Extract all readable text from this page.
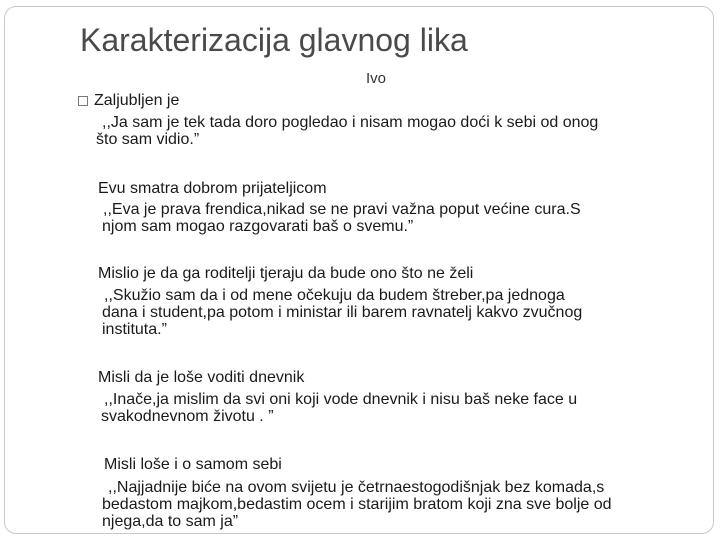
Karakterizacija glavnog lika
Ivo
Zaljubljen je
,,Ja sam je tek tada doro pogledao i nisam mogao doći k sebi od onog
što sam vidio.”
Evu smatra dobrom prijateljicom
,,Eva je prava frendica,nikad se ne pravi važna poput većine cura.S
njom sam mogao razgovarati baš o svemu.”
Mislio je da ga roditelji tjeraju da bude ono što ne želi
,,Skužio sam da i od mene očekuju da budem štreber,pa jednoga
dana i student,pa potom i ministar ili barem ravnatelj kakvo zvučnog
instituta.”
Misli da je loše voditi dnevnik
,,Inače,ja mislim da svi oni koji vode dnevnik i nisu baš neke face u
svakodnevnom životu . ”
Misli loše i o samom sebi
,,Najjadnije biće na ovom svijetu je četrnaestogodišnjak bez komada,s
bedastom majkom,bedastim ocem i starijim bratom koji zna sve bolje od
njega,da to sam ja”
